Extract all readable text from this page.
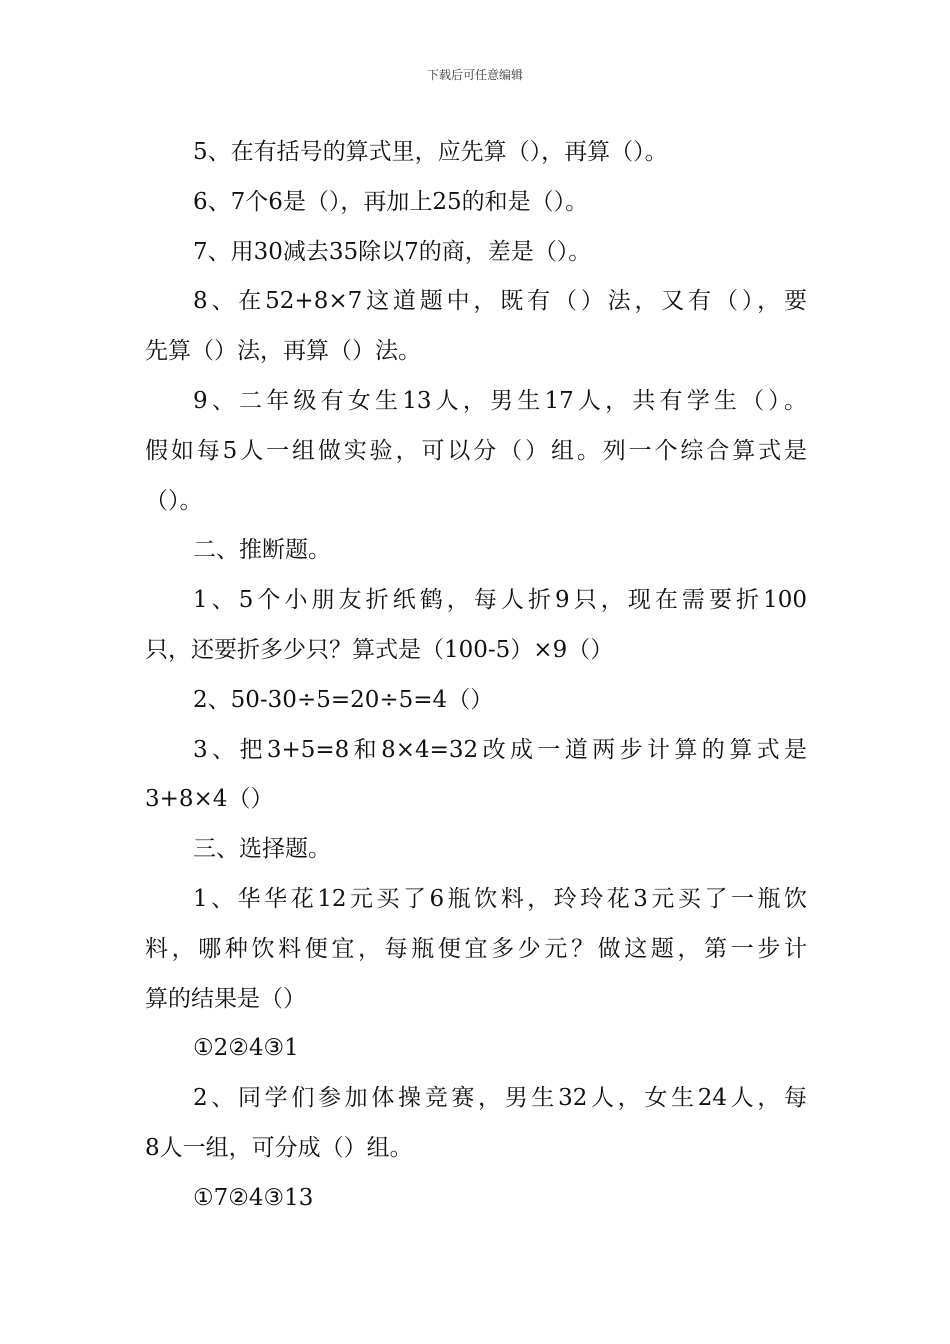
下载后可任意编辑
5、在有括号的算式里，应先算（），再算（）。
6、7个6是（），再加上25的和是（）。
7、用30减去35除以7的商，差是（）。
8、在52+8×7这道题中，既有（）法，又有（），要
先算（）法，再算（）法。
9、二年级有女生13人，男生17人，共有学生（）。
假如每5人一组做实验，可以分（）组。列一个综合算式是
（）。
二、推断题。
1、5个小朋友折纸鹤，每人折9只，现在需要折100
只，还要折多少只？算式是（100-5）×9（）
2、50-30÷5=20÷5=4（）
3、把3+5=8和8×4=32改成一道两步计算的算式是
3+8×4（）
三、选择题。
1、华华花12元买了6瓶饮料，玲玲花3元买了一瓶饮
料，哪种饮料便宜，每瓶便宜多少元？做这题，第一步计
算的结果是（）
①2②4③1
2、同学们参加体操竞赛，男生32人，女生24人，每
8人一组，可分成（）组。
①7②4③13
